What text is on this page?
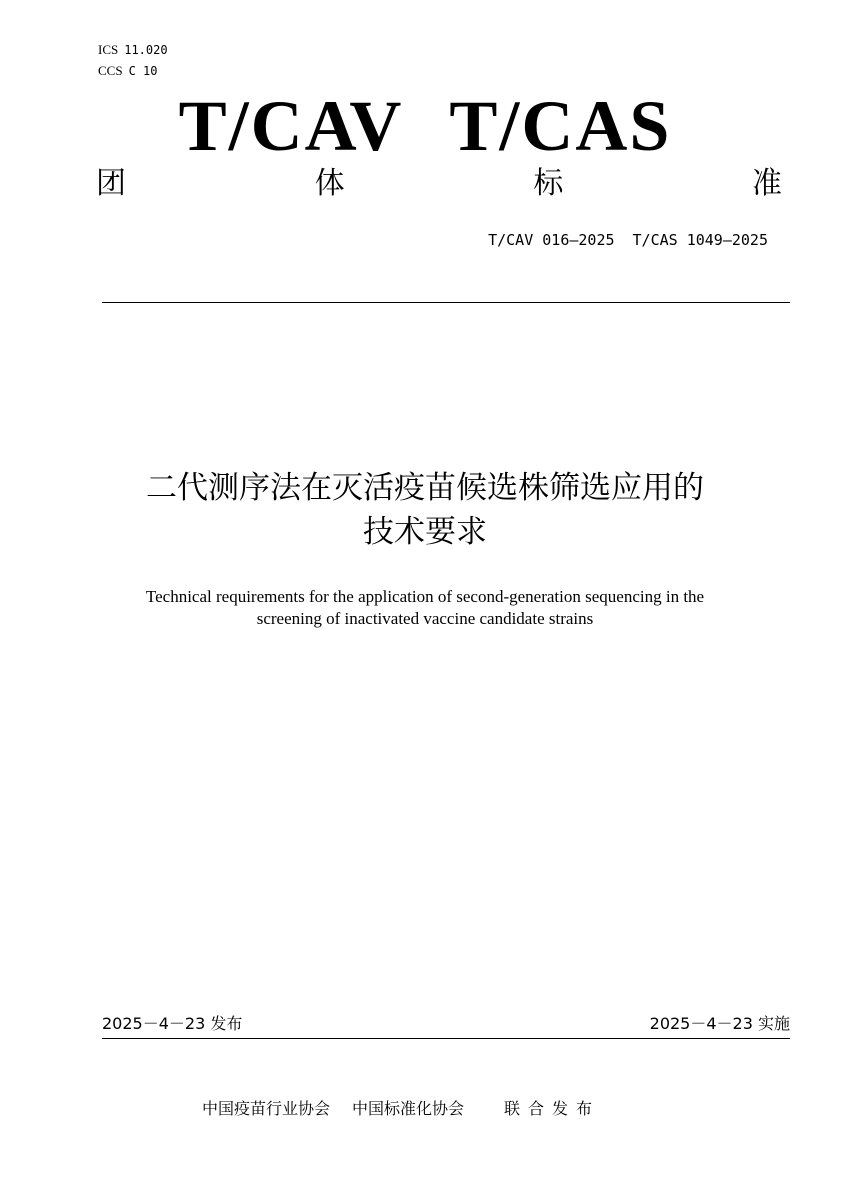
ICS 11.020
CCS C 10
T/CAV T/CAS
团	体	标	准
T/CAV 016—2025 T/CAS 1049—2025
二代测序法在灭活疫苗候选株筛选应用的
技术要求
Technical requirements for the application of second-generation sequencing in the
screening of inactivated vaccine candidate strains
2025－4－23 发布	2025－4－23 实施
中国疫苗行业协会 中国标准化协会	联合发布
